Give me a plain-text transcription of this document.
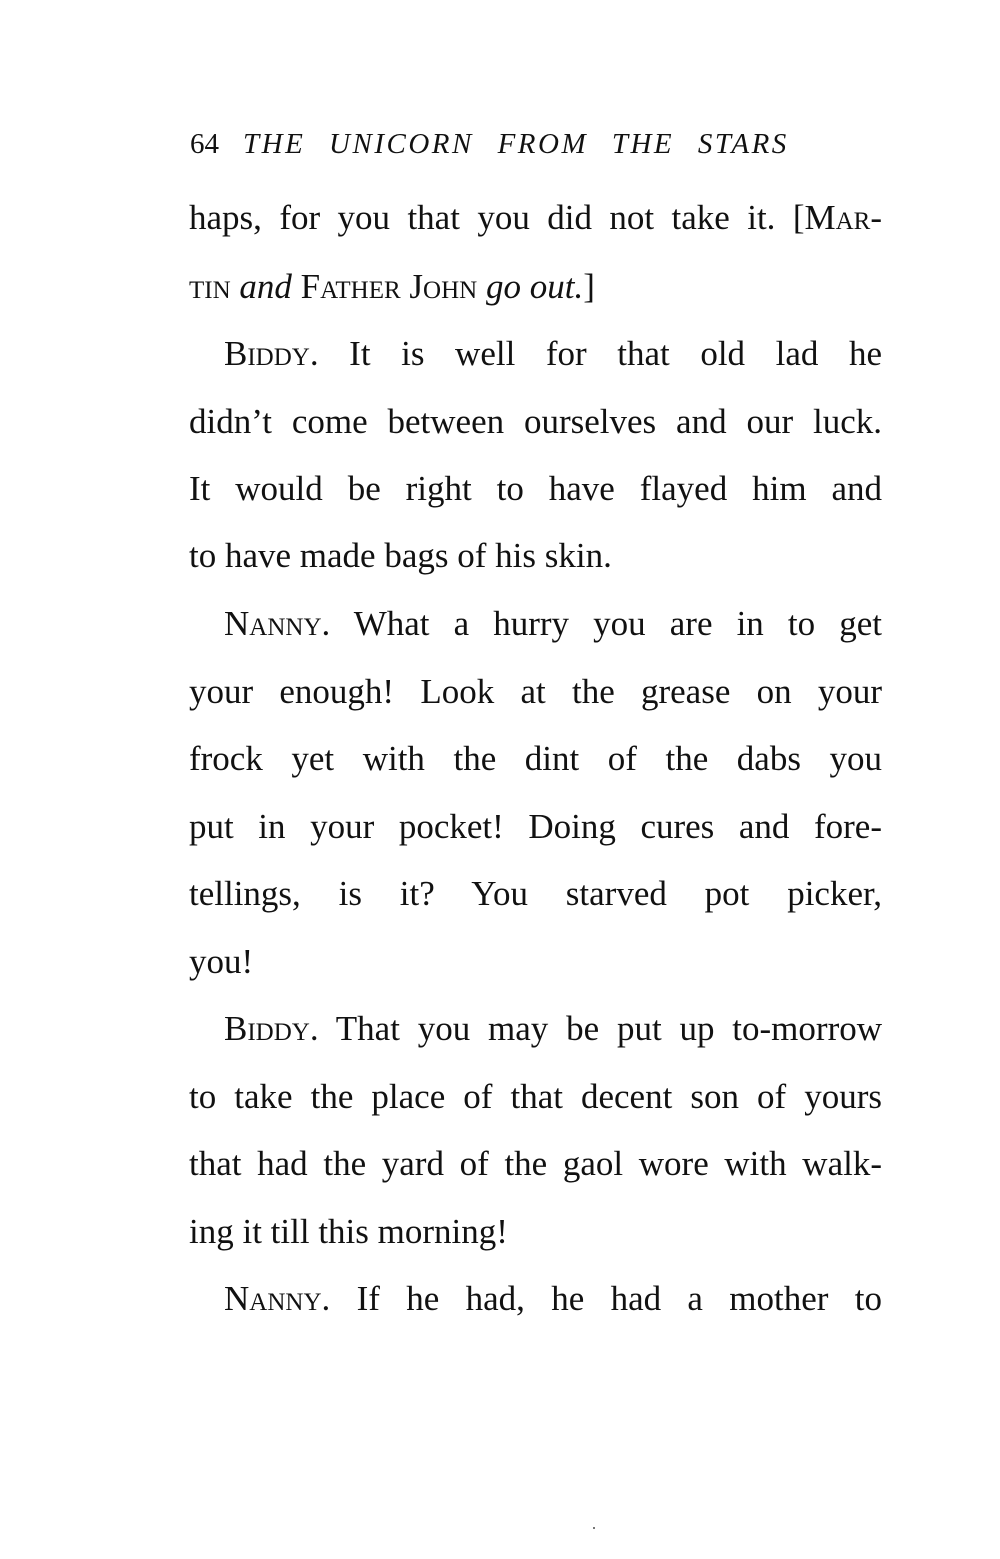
64 THE UNICORN FROM THE STARS
haps, for you that you did not take it. [Mar-
tin and Father John go out.]
Biddy. It is well for that old lad he
didn’t come between ourselves and our luck.
It would be right to have flayed him and
to have made bags of his skin.
Nanny. What a hurry you are in to get
your enough! Look at the grease on your
frock yet with the dint of the dabs you
put in your pocket! Doing cures and fore-
tellings, is it? You starved pot picker,
you!
Biddy. That you may be put up to-morrow
to take the place of that decent son of yours
that had the yard of the gaol wore with walk-
ing it till this morning!
Nanny. If he had, he had a mother to
